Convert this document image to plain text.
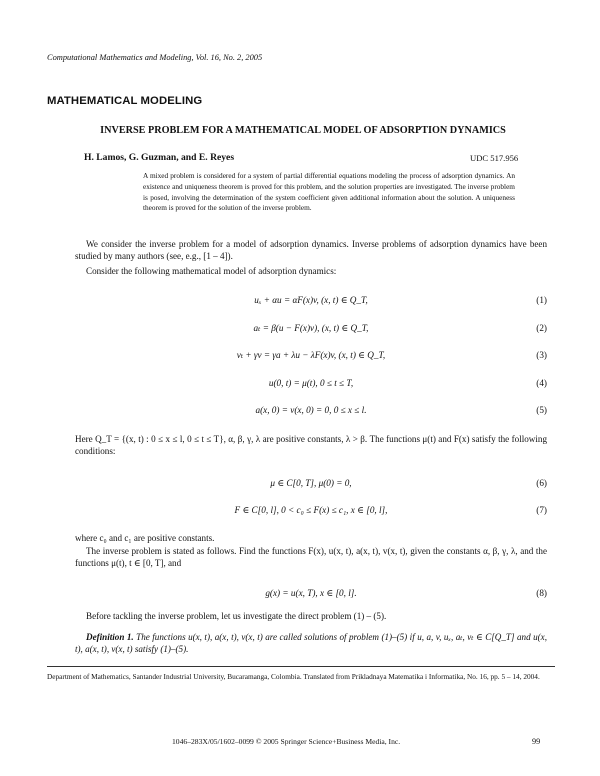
Computational Mathematics and Modeling, Vol. 16, No. 2, 2005
MATHEMATICAL MODELING
INVERSE PROBLEM FOR A MATHEMATICAL MODEL OF ADSORPTION DYNAMICS
H. Lamos, G. Guzman, and E. Reyes	UDC 517.956
A mixed problem is considered for a system of partial differential equations modeling the process of adsorption dynamics. An existence and uniqueness theorem is proved for this problem, and the solution properties are investigated. The inverse problem is posed, involving the determination of the system coefficient given additional information about the solution. A uniqueness theorem is proved for the solution of the inverse problem.

We consider the inverse problem for a model of adsorption dynamics. Inverse problems of adsorption dynamics have been studied by many authors (see, e.g., [1 – 4]).

Consider the following mathematical model of adsorption dynamics:

uₓ + αu = αF(x)v, (x, t) ∈ Q_T,	(1)
aₜ = β(u − F(x)v), (x, t) ∈ Q_T,	(2)
vₜ + γv = γa + λu − λF(x)v, (x, t) ∈ Q_T,	(3)
u(0, t) = μ(t), 0 ≤ t ≤ T,	(4)
a(x, 0) = v(x, 0) = 0, 0 ≤ x ≤ l.	(5)

Here Q_T = {(x, t) : 0 ≤ x ≤ l, 0 ≤ t ≤ T}, α, β, γ, λ are positive constants, λ > β. The functions μ(t) and F(x) satisfy the following conditions:

μ ∈ C[0, T], μ(0) = 0,	(6)
F ∈ C[0, l], 0 < c₀ ≤ F(x) ≤ c₁, x ∈ [0, l],	(7)

where c₀ and c₁ are positive constants.

The inverse problem is stated as follows. Find the functions F(x), u(x, t), a(x, t), v(x, t), given the constants α, β, γ, λ, and the functions μ(t), t ∈ [0, T], and

g(x) = u(x, T), x ∈ [0, l].	(8)

Before tackling the inverse problem, let us investigate the direct problem (1) – (5).

Definition 1. The functions u(x, t), a(x, t), v(x, t) are called solutions of problem (1)–(5) if u, a, v, uₓ, aₜ, vₜ ∈ C[Q_T] and u(x, t), a(x, t), v(x, t) satisfy (1)–(5).

Department of Mathematics, Santander Industrial University, Bucaramanga, Colombia. Translated from Prikladnaya Matematika i Informatika, No. 16, pp. 5 – 14, 2004.
1046–283X/05/1602–0099 © 2005 Springer Science+Business Media, Inc.	99
